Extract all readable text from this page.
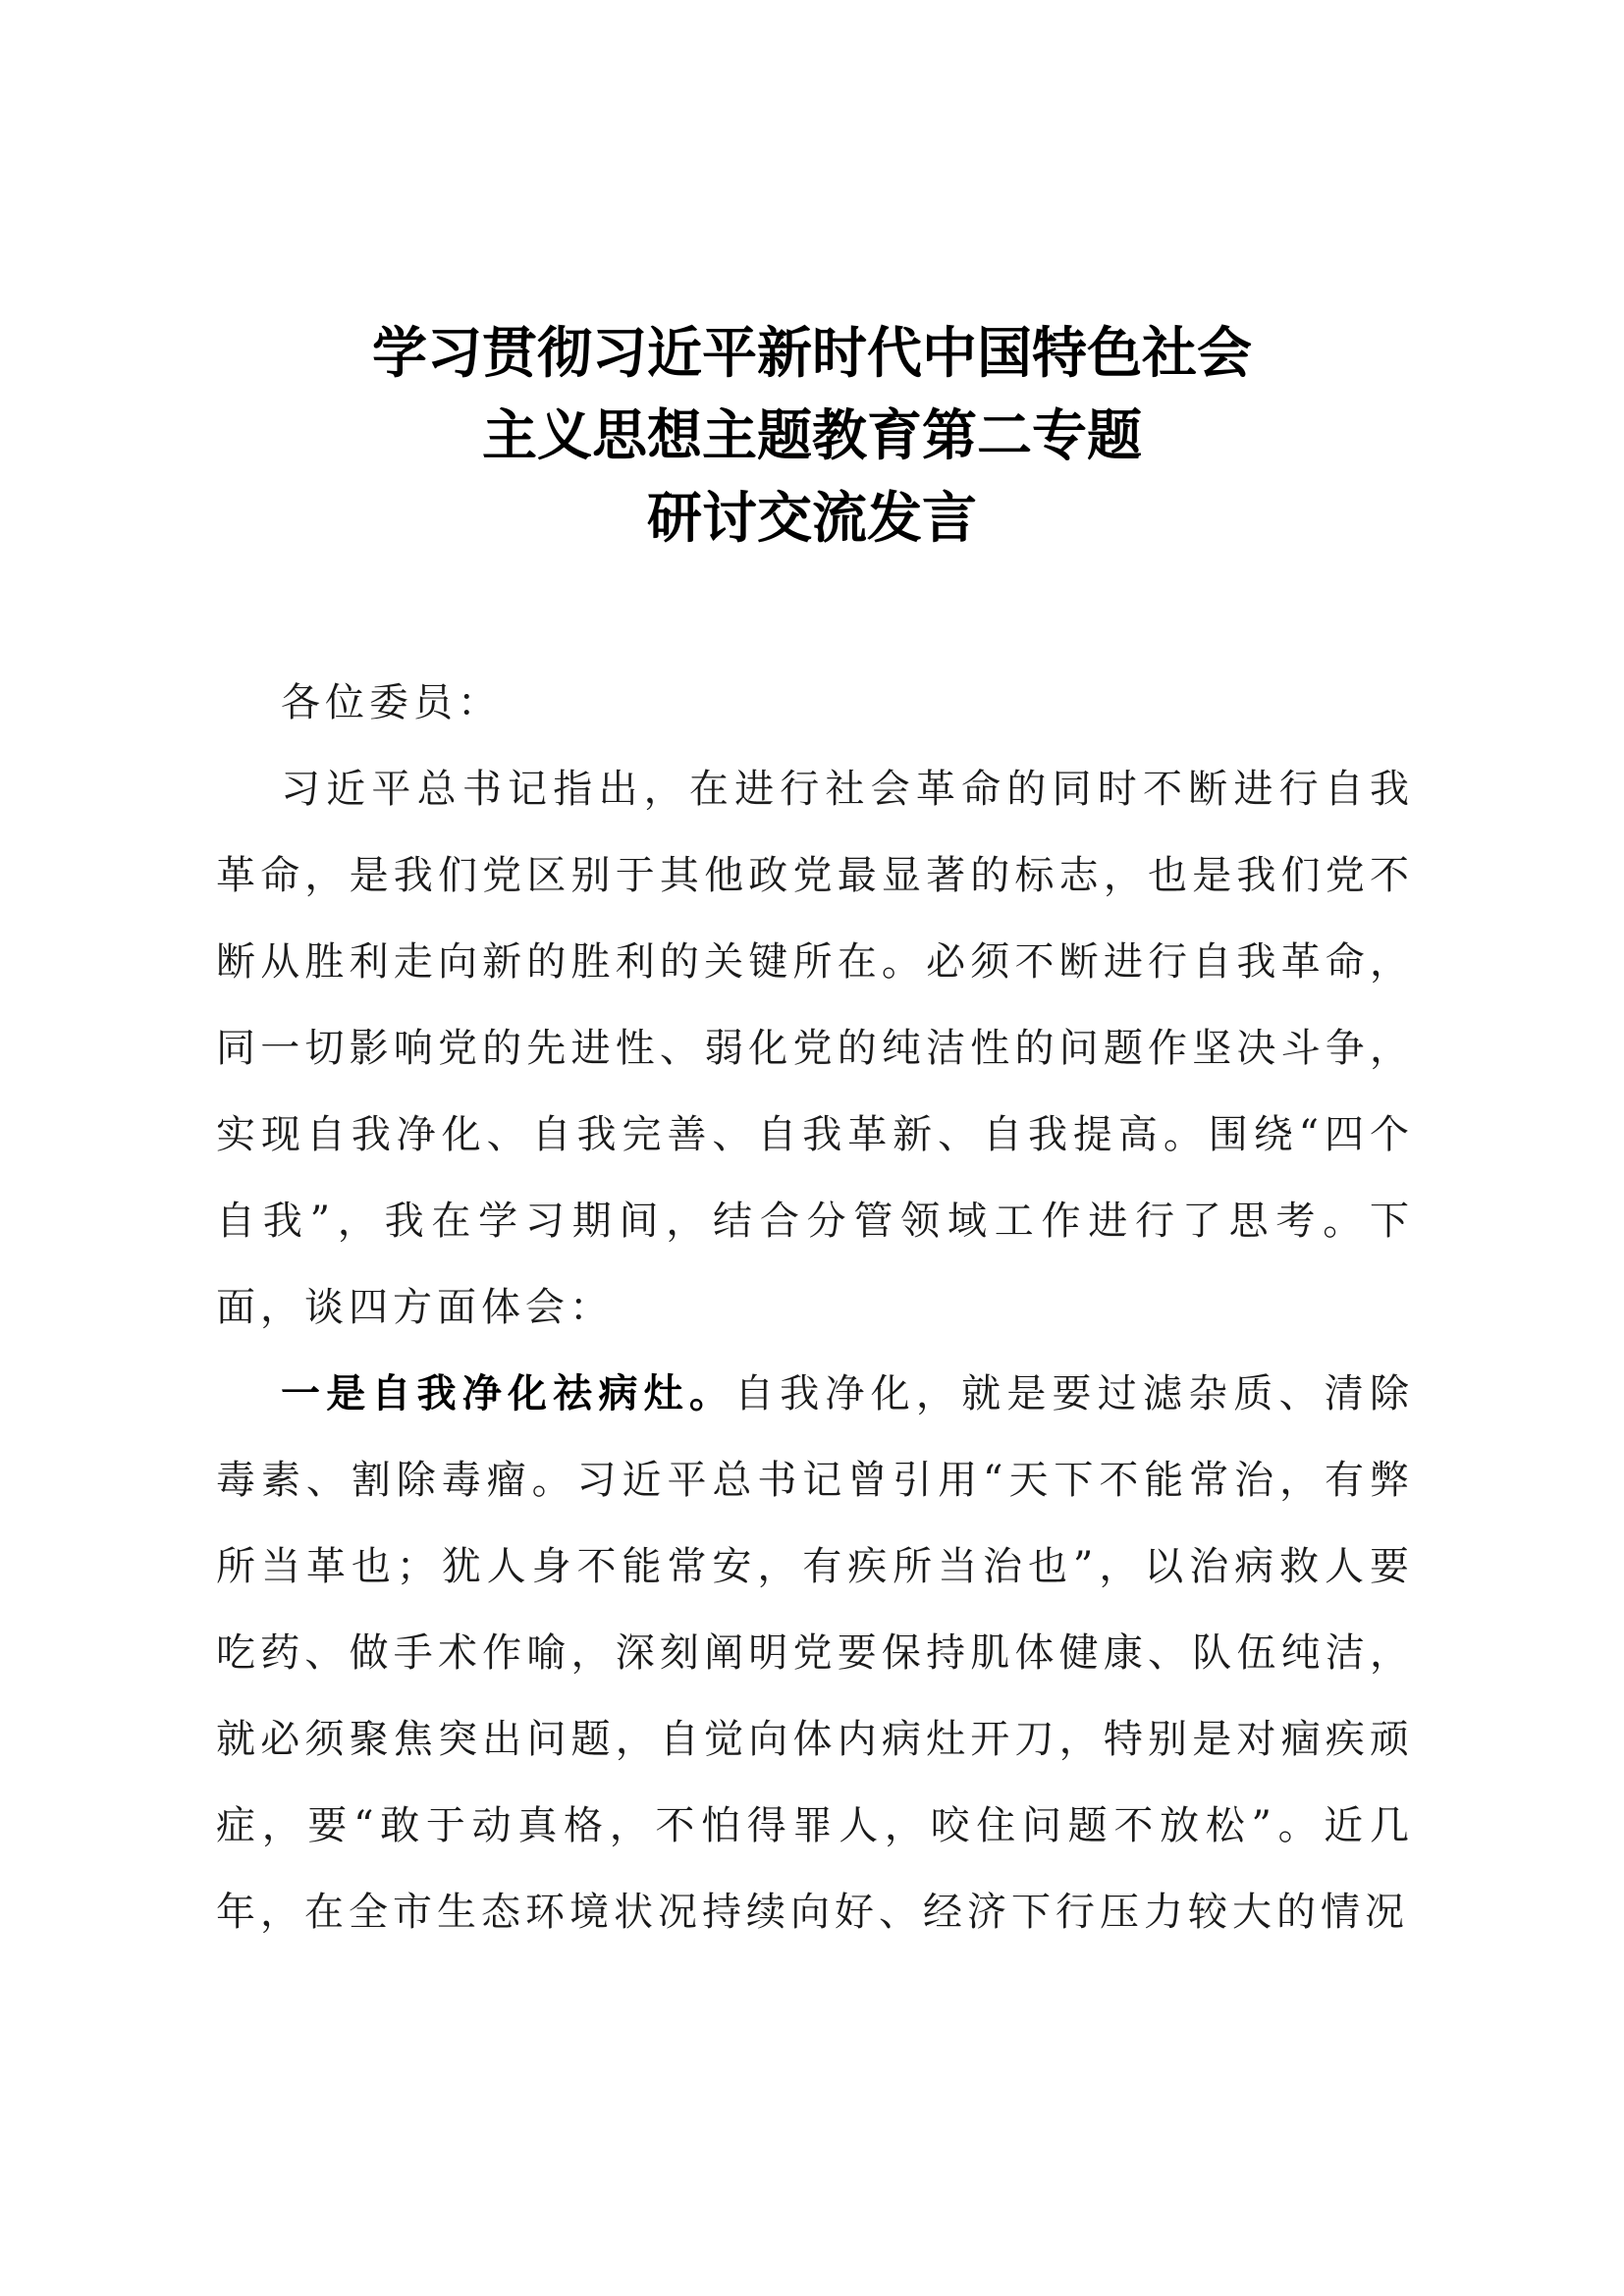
学习贯彻习近平新时代中国特色社会
主义思想主题教育第二专题
研讨交流发言

各位委员：

习近平总书记指出，在进行社会革命的同时不断进行自我革命，是我们党区别于其他政党最显著的标志，也是我们党不断从胜利走向新的胜利的关键所在。必须不断进行自我革命，同一切影响党的先进性、弱化党的纯洁性的问题作坚决斗争，实现自我净化、自我完善、自我革新、自我提高。围绕“四个自我”，我在学习期间，结合分管领域工作进行了思考。下面，谈四方面体会：

一是自我净化祛病灶。自我净化，就是要过滤杂质、清除毒素、割除毒瘤。习近平总书记曾引用“天下不能常治，有弊所当革也；犹人身不能常安，有疾所当治也”，以治病救人要吃药、做手术作喻，深刻阐明党要保持肌体健康、队伍纯洁，就必须聚焦突出问题，自觉向体内病灶开刀，特别是对痼疾顽症，要“敢于动真格，不怕得罪人，咬住问题不放松”。近几年，在全市生态环境状况持续向好、经济下行压力较大的情况
